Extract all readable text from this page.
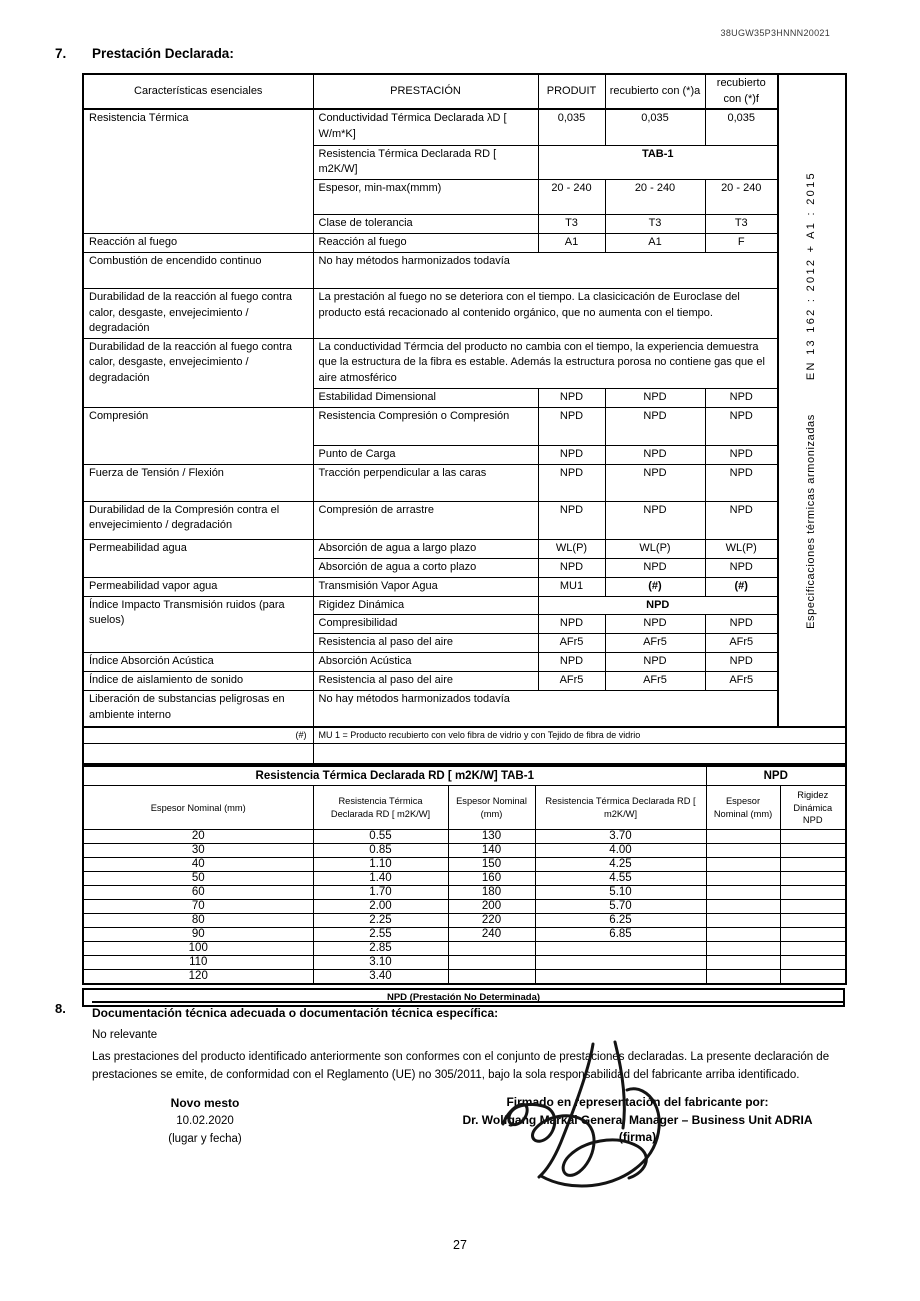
38UGW35P3HNNN20021
7.	Prestación Declarada:
Características esenciales	PRESTACIÓN	PRODUIT	recubierto con (*)a	recubierto con (*)f	Especificaciones térmicas armonizadasEN 13 162 : 2012 + A1 : 2015

Resistencia Térmica	Conductividad Térmica Declarada λD [ W/m*K]	0,035	0,035	0,035	
	Resistencia Térmica Declarada RD [ m2K/W]	TAB-1			
	Espesor, min-max(mmm)	20 - 240	20 - 240	20 - 240	
	Clase de tolerancia	T3	T3	T3	
Reacción al fuego	Reacción al fuego	A1	A1	F	
Combustión de encendido continuo	No hay métodos harmonizados todavía				
Durabilidad de la reacción al fuego contra calor, desgaste, envejecimiento / degradación	La prestación al fuego no se deteriora con el tiempo. La clasicicación de Euroclase del producto está recacionado al contenido orgánico, que no aumenta con el tiempo.				
Durabilidad de la reacción al fuego contra calor, desgaste, envejecimiento / degradación	La conductividad Térmcia del producto no cambia con el tiempo, la experiencia demuestra que la estructura de la fibra es estable. Además la estructura porosa no contiene gas que el aire atmosférico				
	Estabilidad Dimensional	NPD	NPD	NPD	
Compresión	Resistencia Compresión o Compresión	NPD	NPD	NPD	
	Punto de Carga	NPD	NPD	NPD	
Fuerza de Tensión / Flexión	Tracción perpendicular a las caras	NPD	NPD	NPD	
Durabilidad de la Compresión contra el envejecimiento / degradación	Compresión de arrastre	NPD	NPD	NPD	
Permeabilidad agua	Absorción de agua a largo plazo	WL(P)	WL(P)	WL(P)	
	Absorción de agua a corto plazo	NPD	NPD	NPD	
Permeabilidad vapor agua	Transmisión Vapor Agua	MU1	(#)	(#)	
Índice Impacto Transmisión ruidos (para suelos)	Rigidez Dinámica	NPD			
	Compresibilidad	NPD	NPD	NPD	
	Resistencia al paso del aire	AFr5	AFr5	AFr5	
Índice Absorción Acústica	Absorción Acústica	NPD	NPD	NPD	
Índice de aislamiento de sonido	Resistencia al paso del aire	AFr5	AFr5	AFr5	
Liberación de substancias peligrosas en ambiente interno	No hay métodos harmonizados todavía				
(#)	MU 1 = Producto recubierto con velo fibra de vidrio y con Tejido de fibra de vidrio				

Resistencia Térmica Declarada RD [ m2K/W] TAB-1				NPD	
Espesor Nominal (mm)	Resistencia Térmica Declarada RD [ m2K/W]	Espesor Nominal (mm)	Resistencia Térmica Declarada RD [ m2K/W]	Espesor Nominal (mm)	Rigidez Dinámica NPD
20	0.55	130	3.70		
30	0.85	140	4.00		
40	1.10	150	4.25		
50	1.40	160	4.55		
60	1.70	180	5.10		
70	2.00	200	5.70		
80	2.25	220	6.25		
90	2.55	240	6.85		
100	2.85				
110	3.10				
120	3.40				
NPD (Prestación No Determinada)
8.	Documentación técnica adecuada o documentación técnica específica:
No relevante
Las prestaciones del producto identificado anteriormente son conformes con el conjunto de prestaciones declaradas. La presente declaración de prestaciones se emite, de conformidad con el Reglamento (UE) no 305/2011, bajo la sola responsabilidad del fabricante arriba identificado.
Novo mesto
10.02.2020
(lugar y fecha)
Firmado en representación del fabricante por:
Dr. Wolfgang Markal General Manager – Business Unit ADRIA
(firma)
27
